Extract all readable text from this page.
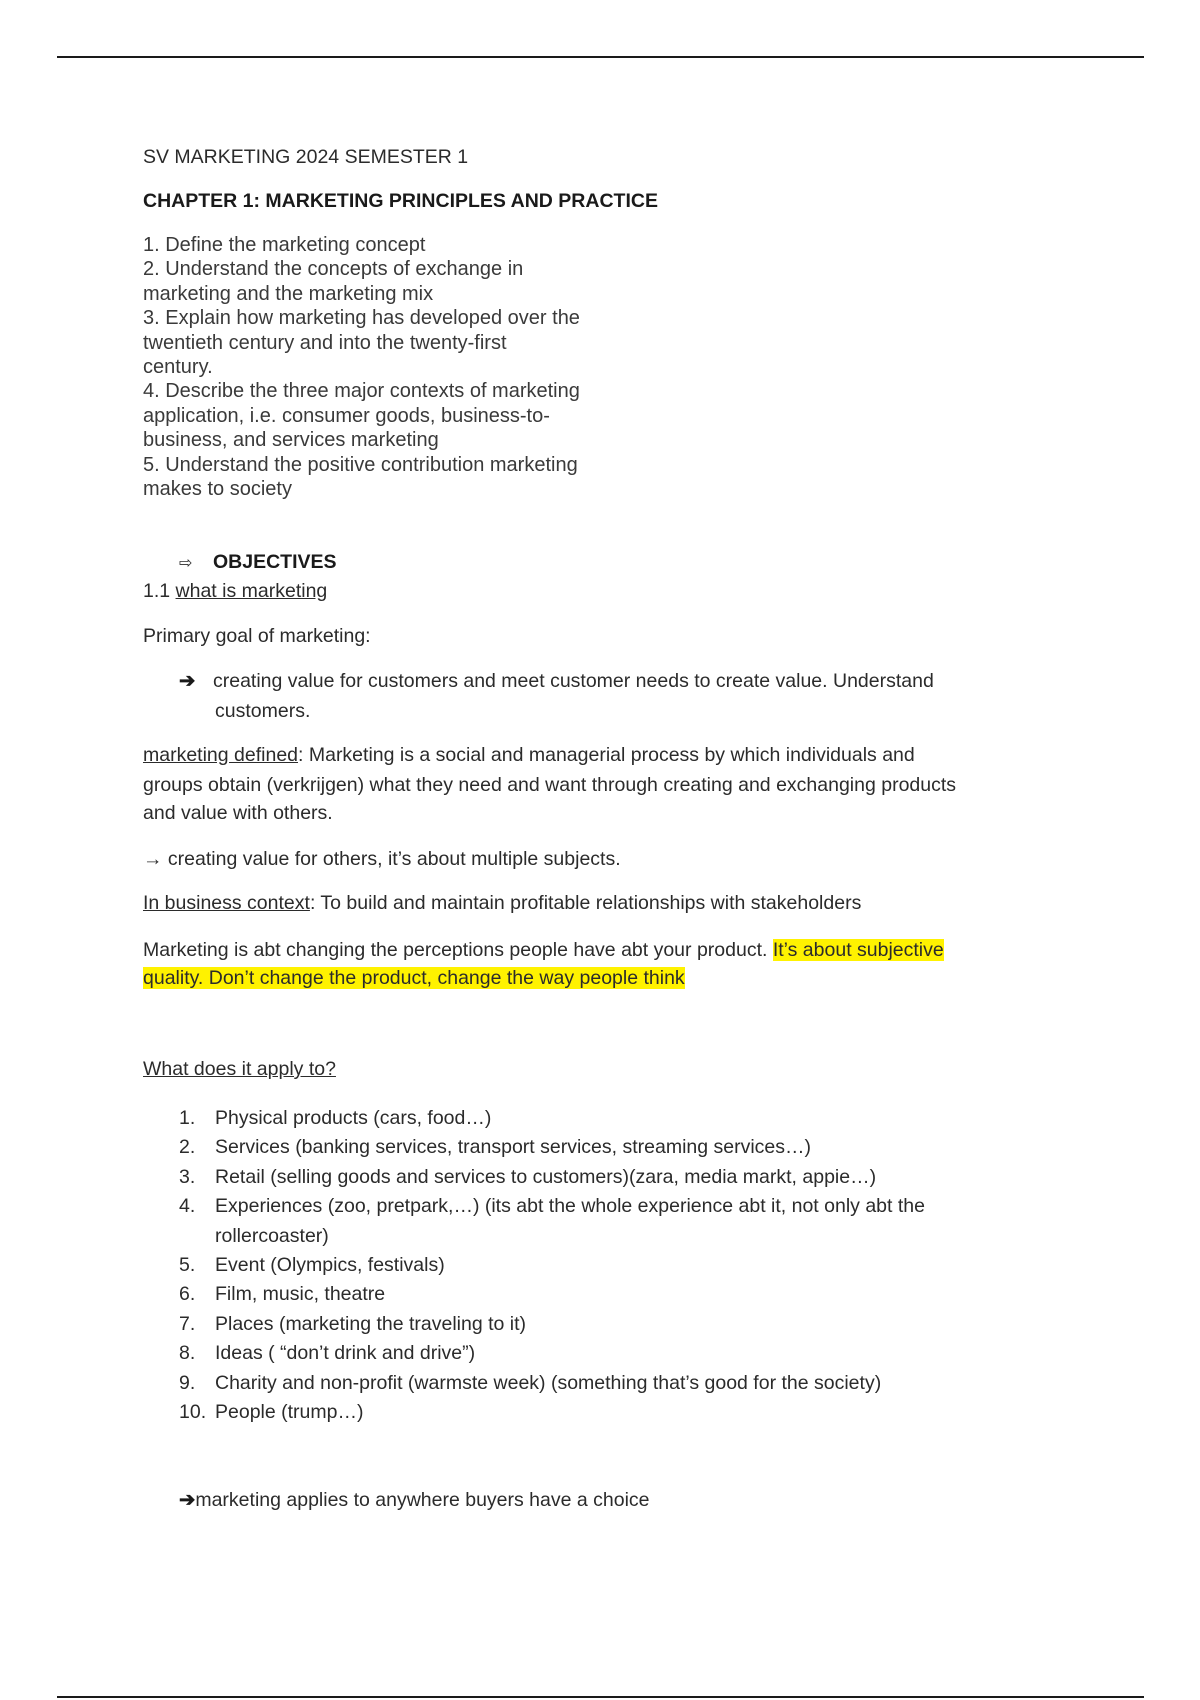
SV MARKETING 2024 SEMESTER 1
CHAPTER 1: MARKETING PRINCIPLES AND PRACTICE
1. Define the marketing concept
2. Understand the concepts of exchange in
marketing and the marketing mix
3. Explain how marketing has developed over the
twentieth century and into the twenty-first
century.
4. Describe the three major contexts of marketing
application, i.e. consumer goods, business-to-
business, and services marketing
5. Understand the positive contribution marketing
makes to society
⇨ OBJECTIVES
1.1 what is marketing
Primary goal of marketing:
➔ creating value for customers and meet customer needs to create value. Understand
customers.
marketing defined: Marketing is a social and managerial process by which individuals and
groups obtain (verkrijgen) what they need and want through creating and exchanging products
and value with others.
→ creating value for others, it’s about multiple subjects.
In business context: To build and maintain profitable relationships with stakeholders
Marketing is abt changing the perceptions people have abt your product. It’s about subjective
quality. Don’t change the product, change the way people think
What does it apply to?
1.	Physical products (cars, food…)
2.	Services (banking services, transport services, streaming services…)
3.	Retail (selling goods and services to customers)(zara, media markt, appie…)
4.	Experiences (zoo, pretpark,…) (its abt the whole experience abt it, not only abt the
rollercoaster)
5.	Event (Olympics, festivals)
6.	Film, music, theatre
7.	Places (marketing the traveling to it)
8.	Ideas ( “don’t drink and drive”)
9.	Charity and non-profit (warmste week) (something that’s good for the society)
10. People (trump…)
➔marketing applies to anywhere buyers have a choice
